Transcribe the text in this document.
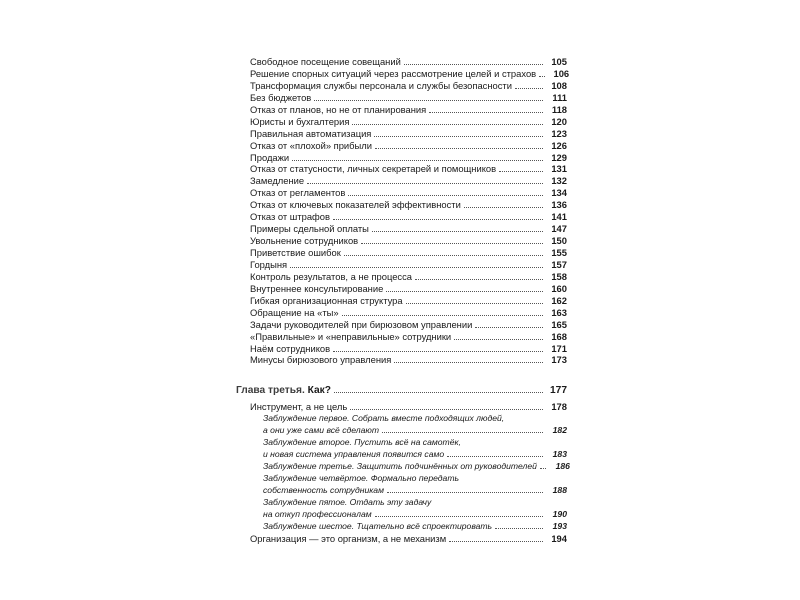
Свободное посещение совещаний	105
Решение спорных ситуаций через рассмотрение целей и страхов	106
Трансформация службы персонала и службы безопасности	108
Без бюджетов	111
Отказ от планов, но не от планирования	118
Юристы и бухгалтерия	120
Правильная автоматизация	123
Отказ от «плохой» прибыли	126
Продажи	129
Отказ от статусности, личных секретарей и помощников	131
Замедление	132
Отказ от регламентов	134
Отказ от ключевых показателей эффективности	136
Отказ от штрафов	141
Примеры сдельной оплаты	147
Увольнение сотрудников	150
Приветствие ошибок	155
Гордыня	157
Контроль результатов, а не процесса	158
Внутреннее консультирование	160
Гибкая организационная структура	162
Обращение на «ты»	163
Задачи руководителей при бирюзовом управлении	165
«Правильные» и «неправильные» сотрудники	168
Наём сотрудников	171
Минусы бирюзового управления	173
Глава третья. Как?	177
Инструмент, а не цель	178
Заблуждение первое. Собрать вместе подходящих людей,
а они уже сами всё сделают	182
Заблуждение второе. Пустить всё на самотёк,
и новая система управления появится само	183
Заблуждение третье. Защитить подчинённых от руководителей	186
Заблуждение четвёртое. Формально передать
собственность сотрудникам	188
Заблуждение пятое. Отдать эту задачу
на откуп профессионалам	190
Заблуждение шестое. Тщательно всё спроектировать	193
Организация — это организм, а не механизм	194
